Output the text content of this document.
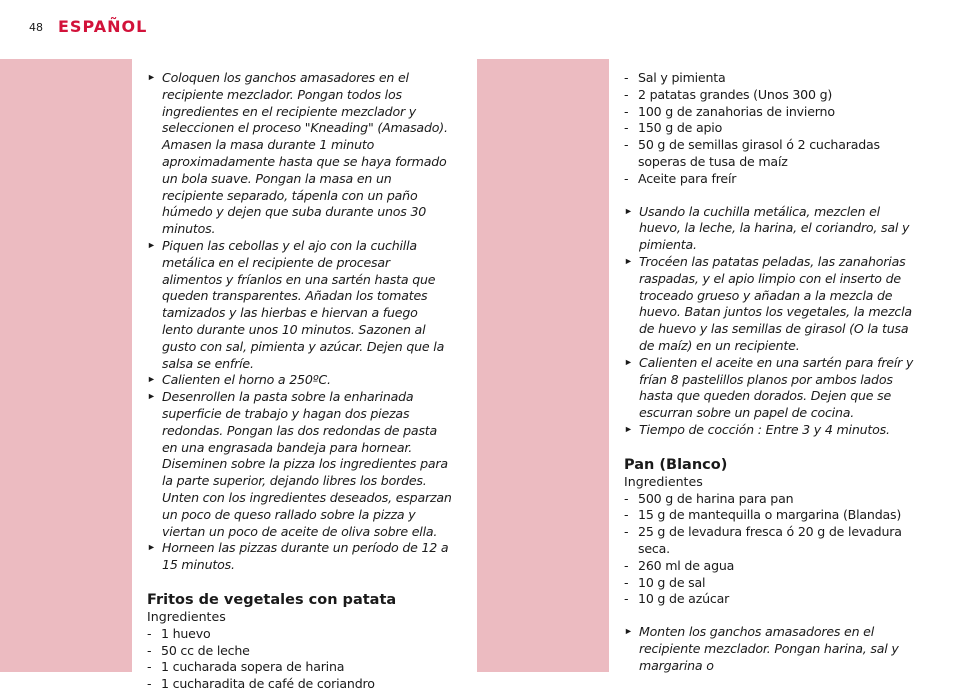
48 ESPAÑOL
► Coloquen los ganchos amasadores en el recipiente mezclador. Pongan todos los ingredientes en el recipiente mezclador y seleccionen el proceso "Kneading" (Amasado). Amasen la masa durante 1 minuto aproximadamente hasta que se haya formado un bola suave. Pongan la masa en un recipiente separado, tápenla con un paño húmedo y dejen que suba durante unos 30 minutos.
► Piquen las cebollas y el ajo con la cuchilla metálica en el recipiente de procesar alimentos y fríanlos en una sartén hasta que queden transparentes. Añadan los tomates tamizados y las hierbas e hiervan a fuego lento durante unos 10 minutos. Sazonen al gusto con sal, pimienta y azúcar. Dejen que la salsa se enfríe.
► Calienten el horno a 250ºC.
► Desenrollen la pasta sobre la enharinada superficie de trabajo y hagan dos piezas redondas. Pongan las dos redondas de pasta en una engrasada bandeja para hornear. Diseminen sobre la pizza los ingredientes para la parte superior, dejando libres los bordes. Unten con los ingredientes deseados, esparzan un poco de queso rallado sobre la pizza y viertan un poco de aceite de oliva sobre ella.
► Horneen las pizzas durante un período de 12 a 15 minutos.
Fritos de vegetales con patata
Ingredientes
- 1 huevo
- 50 cc de leche
- 1 cucharada sopera de harina
- 1 cucharadita de café de coriandro
- Sal y pimienta
- 2 patatas grandes (Unos 300 g)
- 100 g de zanahorias de invierno
- 150 g de apio
- 50 g de semillas girasol ó 2 cucharadas soperas de tusa de maíz
- Aceite para freír
► Usando la cuchilla metálica, mezclen el huevo, la leche, la harina, el coriandro, sal y pimienta.
► Trocéen las patatas peladas, las zanahorias raspadas, y el apio limpio con el inserto de troceado grueso y añadan a la mezcla de huevo. Batan juntos los vegetales, la mezcla de huevo y las semillas de girasol (O la tusa de maíz) en un recipiente.
► Calienten el aceite en una sartén para freír y frían 8 pastelillos planos por ambos lados hasta que queden dorados. Dejen que se escurran sobre un papel de cocina.
► Tiempo de cocción : Entre 3 y 4 minutos.
Pan (Blanco)
Ingredientes
- 500 g de harina para pan
- 15 g de mantequilla o margarina (Blandas)
- 25 g de levadura fresca ó 20 g de levadura seca.
- 260 ml de agua
- 10 g de sal
- 10 g de azúcar
► Monten los ganchos amasadores en el recipiente mezclador. Pongan harina, sal y margarina o
